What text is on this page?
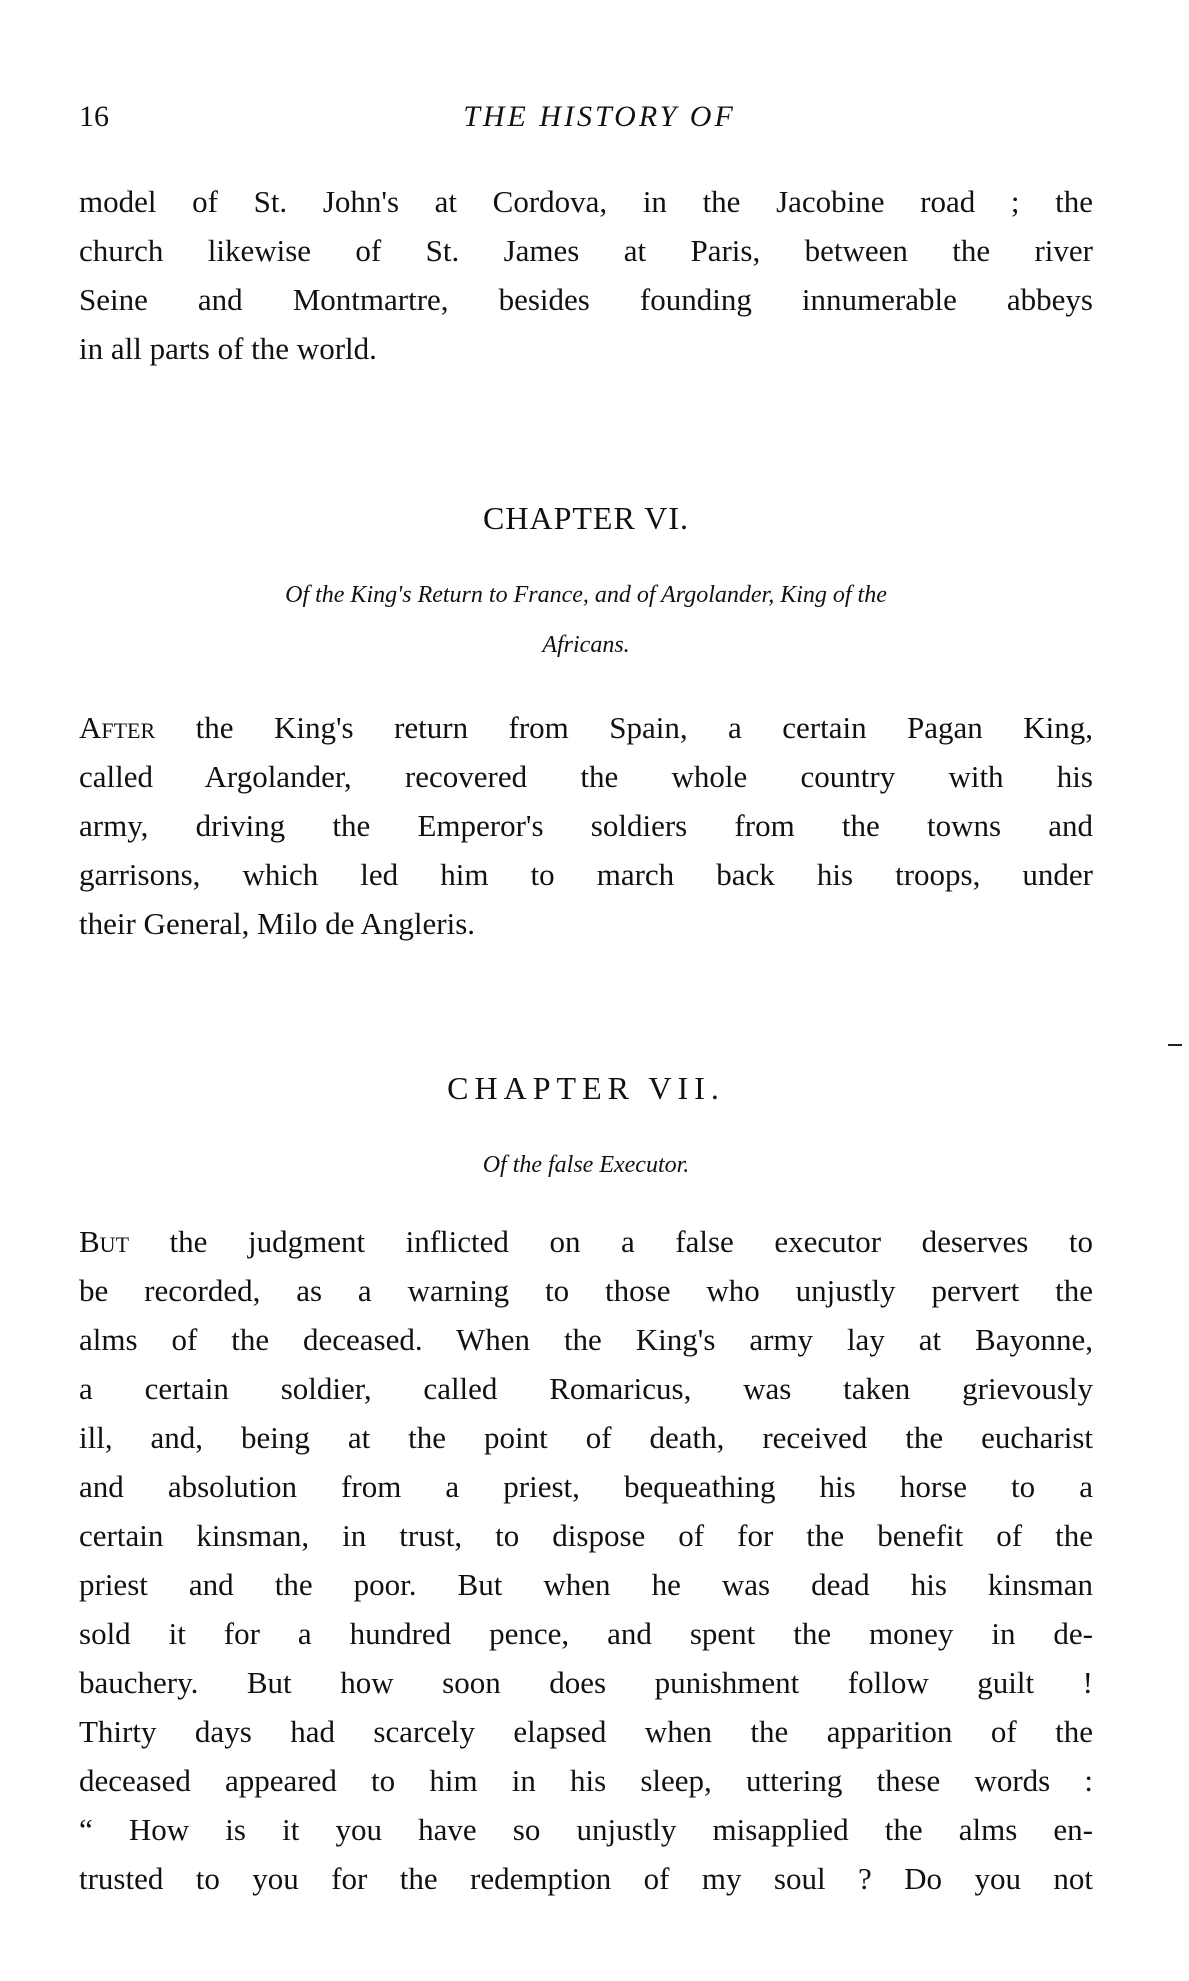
16	THE HISTORY OF
model of St. John's at Cordova, in the Jacobine road ; the
church likewise of St. James at Paris, between the river
Seine and Montmartre, besides founding innumerable abbeys
in all parts of the world.
CHAPTER VI.
Of the King's Return to France, and of Argolander, King of the
Africans.
After the King's return from Spain, a certain Pagan King,
called Argolander, recovered the whole country with his
army, driving the Emperor's soldiers from the towns and
garrisons, which led him to march back his troops, under
their General, Milo de Angleris.
CHAPTER VII.
Of the false Executor.
But the judgment inflicted on a false executor deserves to
be recorded, as a warning to those who unjustly pervert the
alms of the deceased. When the King's army lay at Bayonne,
a certain soldier, called Romaricus, was taken grievously
ill, and, being at the point of death, received the eucharist
and absolution from a priest, bequeathing his horse to a
certain kinsman, in trust, to dispose of for the benefit of the
priest and the poor. But when he was dead his kinsman
sold it for a hundred pence, and spent the money in de-
bauchery. But how soon does punishment follow guilt !
Thirty days had scarcely elapsed when the apparition of the
deceased appeared to him in his sleep, uttering these words :
“ How is it you have so unjustly misapplied the alms en-
trusted to you for the redemption of my soul ? Do you not
